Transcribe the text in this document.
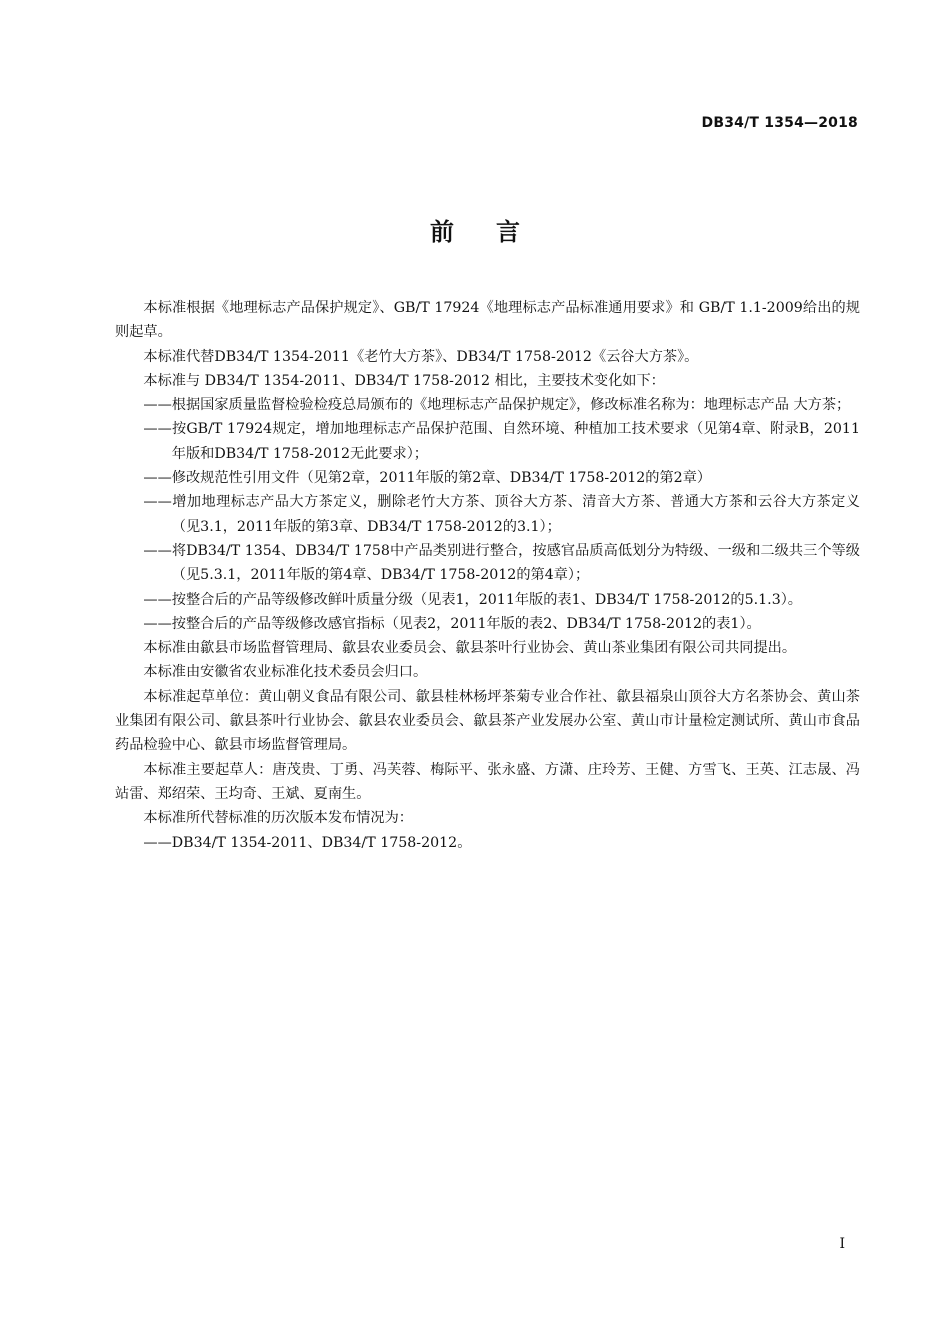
DB34/T 1354—2018
前言

本标准根据《地理标志产品保护规定》、GB/T 17924《地理标志产品标准通用要求》和 GB/T 1.1-2009给出的规则起草。

本标准代替DB34/T 1354-2011《老竹大方茶》、DB34/T 1758-2012《云谷大方茶》。

本标准与 DB34/T 1354-2011、DB34/T 1758-2012 相比，主要技术变化如下：

——根据国家质量监督检验检疫总局颁布的《地理标志产品保护规定》，修改标准名称为：地理标志产品 大方茶；

——按GB/T 17924规定，增加地理标志产品保护范围、自然环境、种植加工技术要求（见第4章、附录B，2011年版和DB34/T 1758-2012无此要求）；

——修改规范性引用文件（见第2章，2011年版的第2章、DB34/T 1758-2012的第2章）

——增加地理标志产品大方茶定义，删除老竹大方茶、顶谷大方茶、清音大方茶、普通大方茶和云谷大方茶定义（见3.1，2011年版的第3章、DB34/T 1758-2012的3.1）；

——将DB34/T 1354、DB34/T 1758中产品类别进行整合，按感官品质高低划分为特级、一级和二级共三个等级（见5.3.1，2011年版的第4章、DB34/T 1758-2012的第4章）；

——按整合后的产品等级修改鲜叶质量分级（见表1，2011年版的表1、DB34/T 1758-2012的5.1.3）。

——按整合后的产品等级修改感官指标（见表2，2011年版的表2、DB34/T 1758-2012的表1）。

本标准由歙县市场监督管理局、歙县农业委员会、歙县茶叶行业协会、黄山茶业集团有限公司共同提出。

本标准由安徽省农业标准化技术委员会归口。

本标准起草单位：黄山朝义食品有限公司、歙县桂林杨坪茶菊专业合作社、歙县福泉山顶谷大方名茶协会、黄山茶业集团有限公司、歙县茶叶行业协会、歙县农业委员会、歙县茶产业发展办公室、黄山市计量检定测试所、黄山市食品药品检验中心、歙县市场监督管理局。

本标准主要起草人：唐茂贵、丁勇、冯芙蓉、梅际平、张永盛、方潇、庄玲芳、王健、方雪飞、王英、江志晟、冯站雷、郑绍荣、王均奇、王斌、夏南生。

本标准所代替标准的历次版本发布情况为：

——DB34/T 1354-2011、DB34/T 1758-2012。

I
